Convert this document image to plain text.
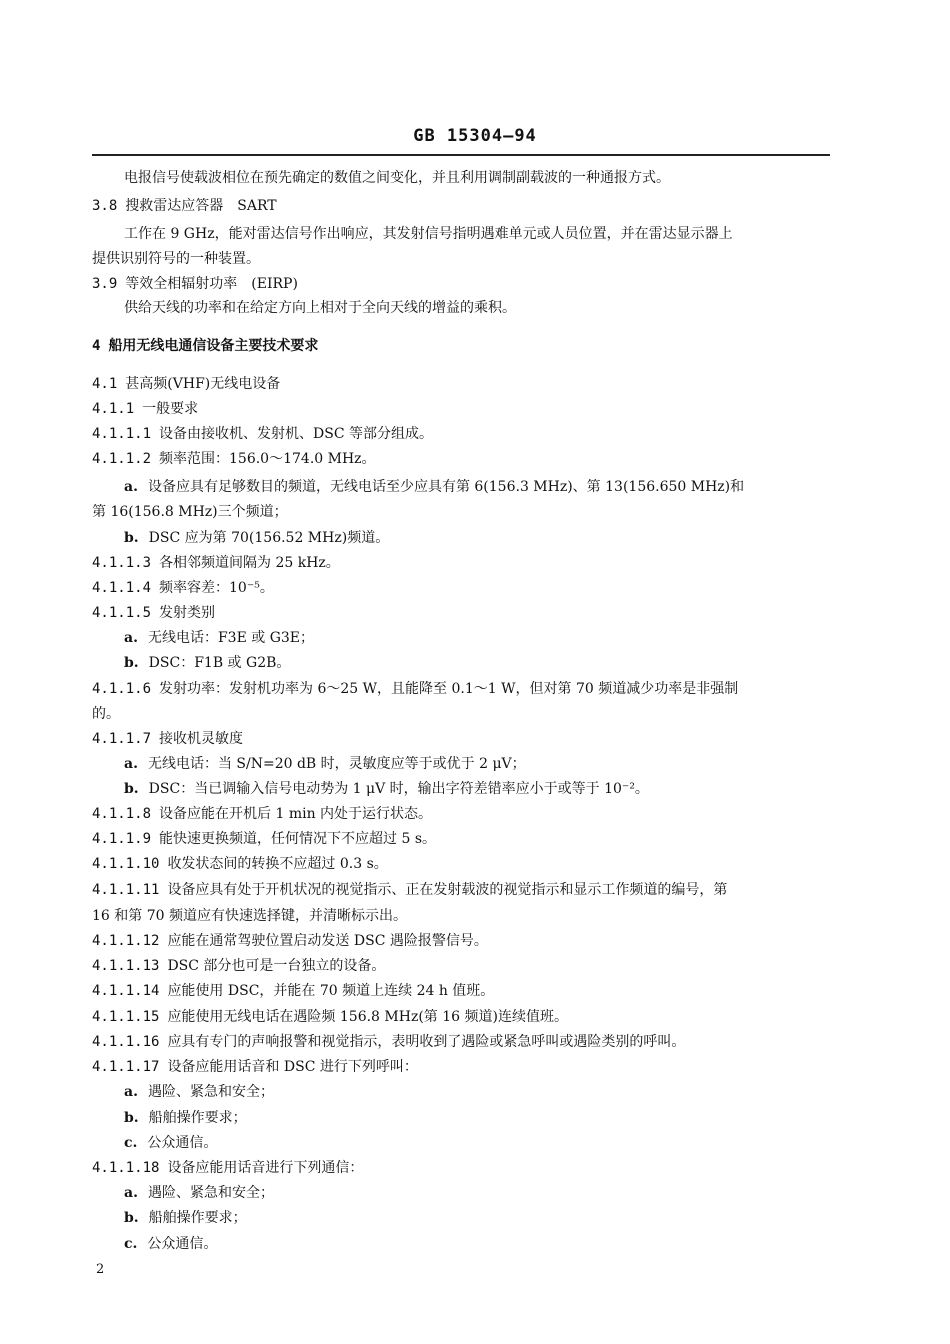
GB 15304—94
电报信号使载波相位在预先确定的数值之间变化，并且利用调制副载波的一种通报方式。
3.8 搜救雷达应答器　SART
工作在 9 GHz，能对雷达信号作出响应，其发射信号指明遇难单元或人员位置，并在雷达显示器上
提供识别符号的一种装置。
3.9 等效全相辐射功率　(EIRP)
供给天线的功率和在给定方向上相对于全向天线的增益的乘积。
4 船用无线电通信设备主要技术要求
4.1 甚高频(VHF)无线电设备
4.1.1 一般要求
4.1.1.1 设备由接收机、发射机、DSC 等部分组成。
4.1.1.2 频率范围：156.0～174.0 MHz。
a. 设备应具有足够数目的频道，无线电话至少应具有第 6(156.3 MHz)、第 13(156.650 MHz)和
第 16(156.8 MHz)三个频道；
b. DSC 应为第 70(156.52 MHz)频道。
4.1.1.3 各相邻频道间隔为 25 kHz。
4.1.1.4 频率容差：10⁻⁵。
4.1.1.5 发射类别
a. 无线电话：F3E 或 G3E；
b. DSC：F1B 或 G2B。
4.1.1.6 发射功率：发射机功率为 6～25 W，且能降至 0.1～1 W，但对第 70 频道减少功率是非强制
的。
4.1.1.7 接收机灵敏度
a. 无线电话：当 S/N=20 dB 时，灵敏度应等于或优于 2 μV；
b. DSC：当已调输入信号电动势为 1 μV 时，输出字符差错率应小于或等于 10⁻²。
4.1.1.8 设备应能在开机后 1 min 内处于运行状态。
4.1.1.9 能快速更换频道，任何情况下不应超过 5 s。
4.1.1.10 收发状态间的转换不应超过 0.3 s。
4.1.1.11 设备应具有处于开机状况的视觉指示、正在发射载波的视觉指示和显示工作频道的编号，第
16 和第 70 频道应有快速选择键，并清晰标示出。
4.1.1.12 应能在通常驾驶位置启动发送 DSC 遇险报警信号。
4.1.1.13 DSC 部分也可是一台独立的设备。
4.1.1.14 应能使用 DSC，并能在 70 频道上连续 24 h 值班。
4.1.1.15 应能使用无线电话在遇险频 156.8 MHz(第 16 频道)连续值班。
4.1.1.16 应具有专门的声响报警和视觉指示，表明收到了遇险或紧急呼叫或遇险类别的呼叫。
4.1.1.17 设备应能用话音和 DSC 进行下列呼叫：
a. 遇险、紧急和安全；
b. 船舶操作要求；
c. 公众通信。
4.1.1.18 设备应能用话音进行下列通信：
a. 遇险、紧急和安全；
b. 船舶操作要求；
c. 公众通信。
2
